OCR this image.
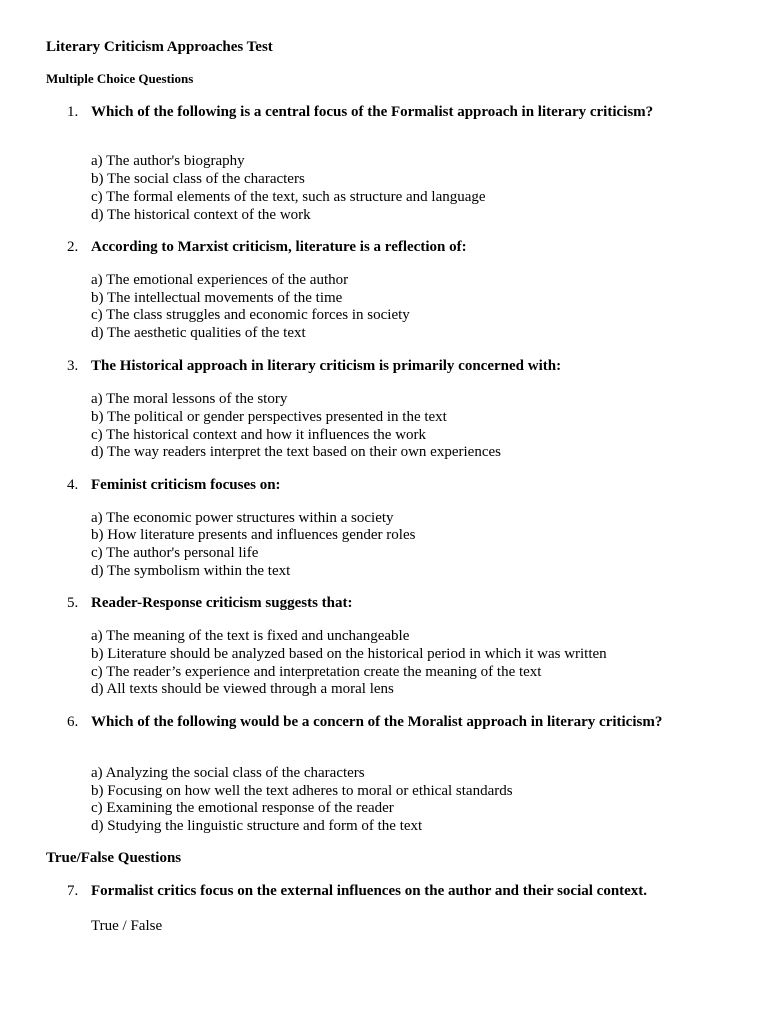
Literary Criticism Approaches Test
Multiple Choice Questions
1. Which of the following is a central focus of the Formalist approach in literary criticism?
a) The author's biography
b) The social class of the characters
c) The formal elements of the text, such as structure and language
d) The historical context of the work
2. According to Marxist criticism, literature is a reflection of:
a) The emotional experiences of the author
b) The intellectual movements of the time
c) The class struggles and economic forces in society
d) The aesthetic qualities of the text
3. The Historical approach in literary criticism is primarily concerned with:
a) The moral lessons of the story
b) The political or gender perspectives presented in the text
c) The historical context and how it influences the work
d) The way readers interpret the text based on their own experiences
4. Feminist criticism focuses on:
a) The economic power structures within a society
b) How literature presents and influences gender roles
c) The author's personal life
d) The symbolism within the text
5. Reader-Response criticism suggests that:
a) The meaning of the text is fixed and unchangeable
b) Literature should be analyzed based on the historical period in which it was written
c) The reader’s experience and interpretation create the meaning of the text
d) All texts should be viewed through a moral lens
6. Which of the following would be a concern of the Moralist approach in literary criticism?
a) Analyzing the social class of the characters
b) Focusing on how well the text adheres to moral or ethical standards
c) Examining the emotional response of the reader
d) Studying the linguistic structure and form of the text
True/False Questions
7. Formalist critics focus on the external influences on the author and their social context.
True / False
